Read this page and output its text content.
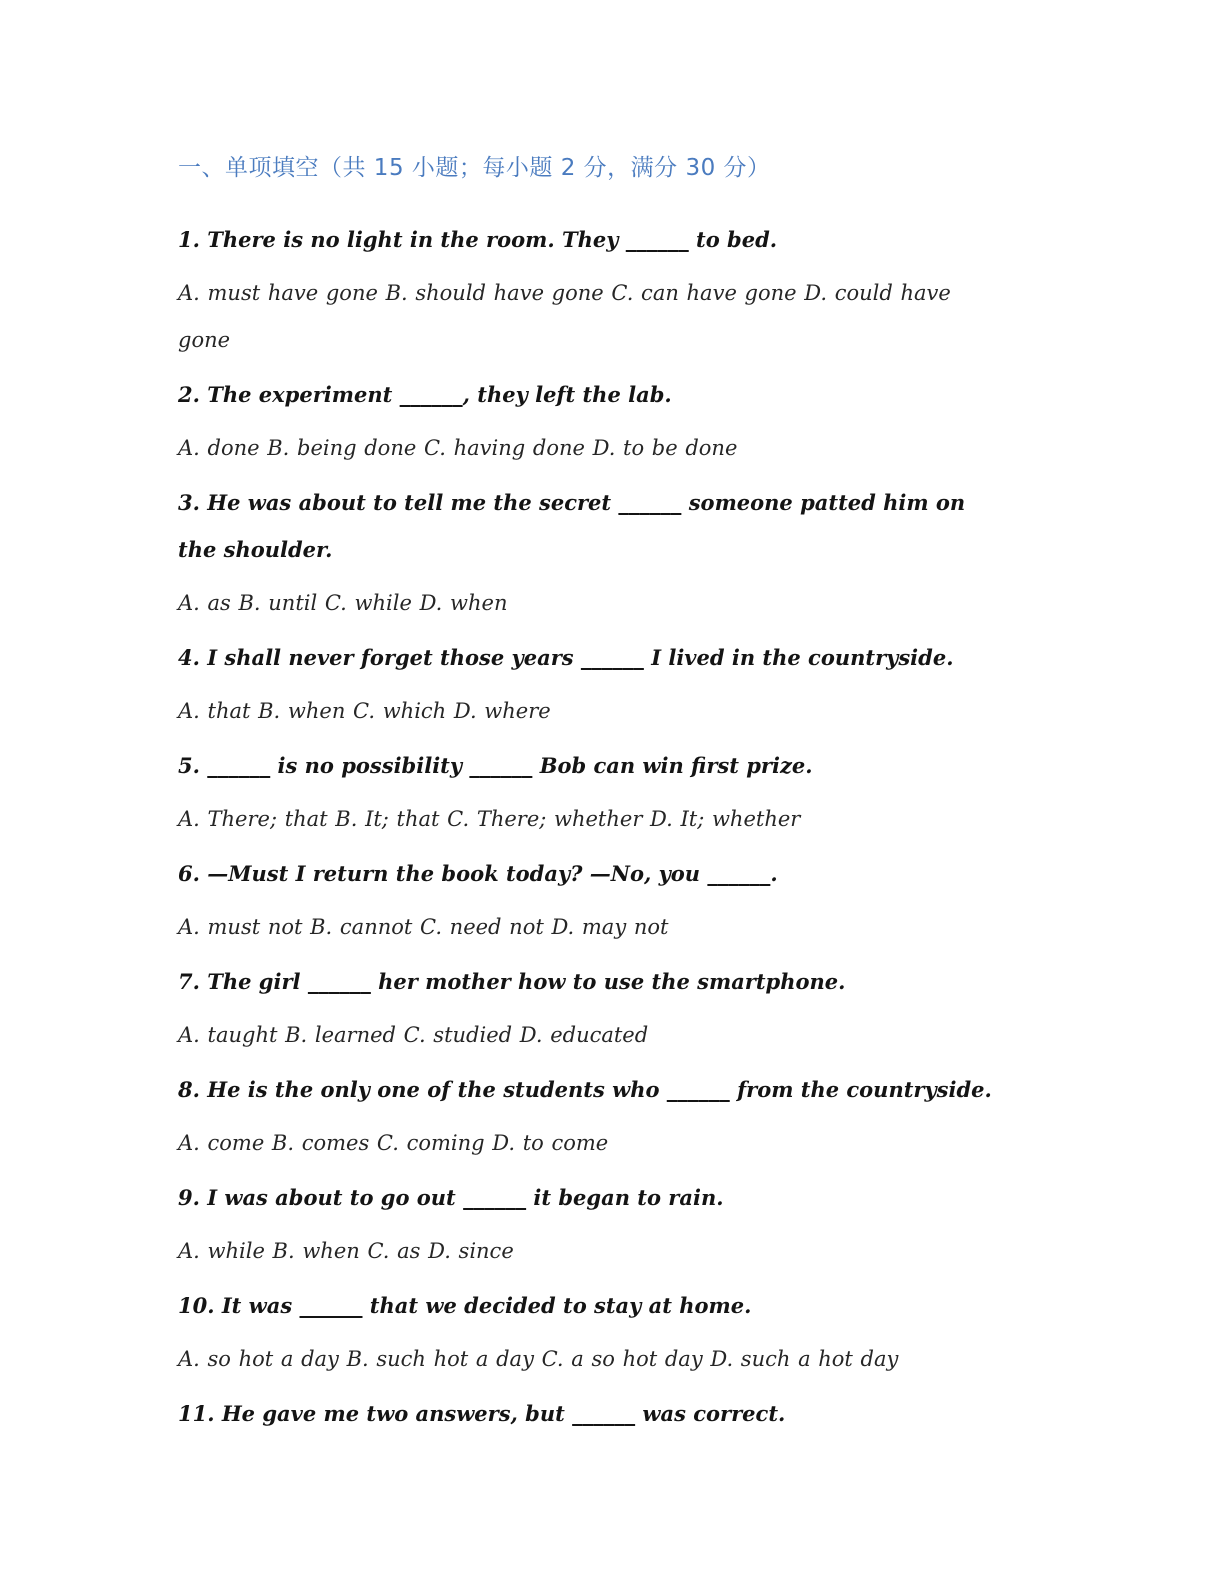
一、单项填空（共 15 小题；每小题 2 分，满分 30 分）

1. There is no light in the room. They ______ to bed.

A. must have gone B. should have gone C. can have gone D. could have gone

2. The experiment ______, they left the lab.

A. done B. being done C. having done D. to be done

3. He was about to tell me the secret ______ someone patted him on the shoulder.

A. as B. until C. while D. when

4. I shall never forget those years ______ I lived in the countryside.

A. that B. when C. which D. where

5. ______ is no possibility ______ Bob can win first prize.

A. There; that B. It; that C. There; whether D. It; whether

6. —Must I return the book today? —No, you ______.

A. must not B. cannot C. need not D. may not

7. The girl ______ her mother how to use the smartphone.

A. taught B. learned C. studied D. educated

8. He is the only one of the students who ______ from the countryside.

A. come B. comes C. coming D. to come

9. I was about to go out ______ it began to rain.

A. while B. when C. as D. since

10. It was ______ that we decided to stay at home.

A. so hot a day B. such hot a day C. a so hot day D. such a hot day

11. He gave me two answers, but ______ was correct.
